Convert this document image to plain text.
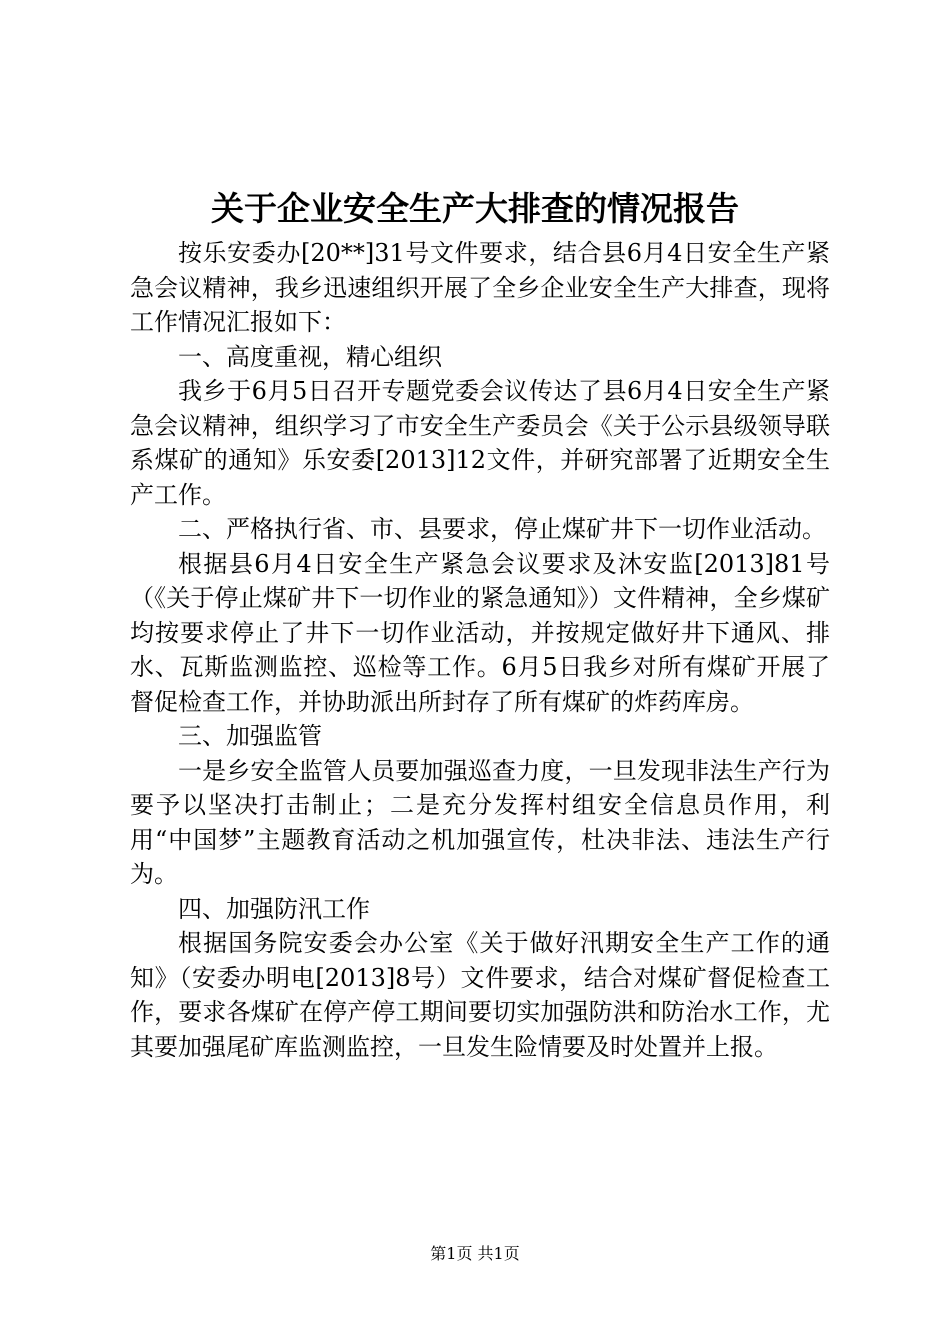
关于企业安全生产大排查的情况报告

按乐安委办[20**]31号文件要求，结合县6月4日安全生产紧急会议精神，我乡迅速组织开展了全乡企业安全生产大排查，现将工作情况汇报如下：

一、高度重视，精心组织

我乡于6月5日召开专题党委会议传达了县6月4日安全生产紧急会议精神，组织学习了市安全生产委员会《关于公示县级领导联系煤矿的通知》乐安委[2013]12文件，并研究部署了近期安全生产工作。

二、严格执行省、市、县要求，停止煤矿井下一切作业活动。

根据县6月4日安全生产紧急会议要求及沐安监[2013]81号（《关于停止煤矿井下一切作业的紧急通知》）文件精神，全乡煤矿均按要求停止了井下一切作业活动，并按规定做好井下通风、排水、瓦斯监测监控、巡检等工作。6月5日我乡对所有煤矿开展了督促检查工作，并协助派出所封存了所有煤矿的炸药库房。

三、加强监管

一是乡安全监管人员要加强巡查力度，一旦发现非法生产行为要予以坚决打击制止；二是充分发挥村组安全信息员作用，利用“中国梦”主题教育活动之机加强宣传，杜决非法、违法生产行为。

四、加强防汛工作

根据国务院安委会办公室《关于做好汛期安全生产工作的通知》（安委办明电[2013]8号）文件要求，结合对煤矿督促检查工作，要求各煤矿在停产停工期间要切实加强防洪和防治水工作，尤其要加强尾矿库监测监控，一旦发生险情要及时处置并上报。

第1页 共1页
